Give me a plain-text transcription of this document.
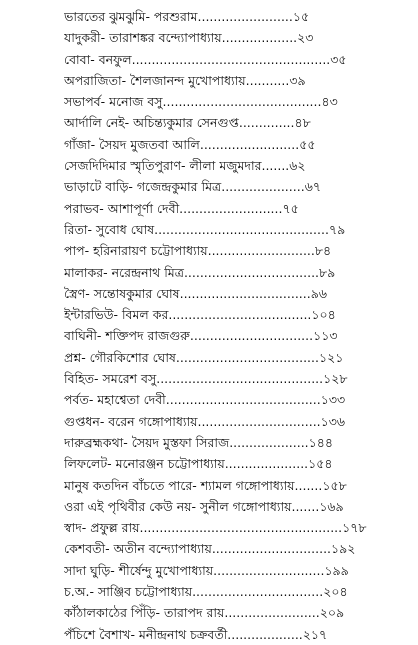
ভারতের ঝুমঝুমি- পরশুরাম........................১৫
যাদুকরী- তারাশঙ্কর বন্দ্যোপাধ্যায়...................২৩
বোবা- বনফুল..................................................৩৫
অপরাজিতা- শৈলজানন্দ মুখোপাধ্যায়...........৩৯
সভাপর্ব- মনোজ বসু........................................৪৩
আর্দালি নেই- অচিন্ত্যকুমার সেনগুপ্ত..............৪৮
গাঁজা- সৈয়দ মুজতবা আলি.........................৫৫
সেজদিদিমার স্মৃতিপুরাণ- লীলা মজুমদার.......৬২
ভাড়াটে বাড়ি- গজেন্দ্রকুমার মিত্র.....................৬৭
পরাভব- আশাপূর্ণা দেবী..........................৭৫
রিতা- সুবোধ ঘোষ............................................৭৯
পাপ- হরিনারায়ণ চট্টোপাধ্যায়...........................৮৪
মালাকর- নরেন্দ্রনাথ মিত্র..................................৮৯
স্ত্রৈণ- সন্তোষকুমার ঘোষ.................................৯৬
ইন্টারভিউ- বিমল কর....................................১০৪
বাঘিনী- শক্তিপদ রাজগুরু...............................১১৩
প্রশ্ন- গৌরকিশোর ঘোষ....................................১২১
বিহিত- সমরেশ বসু..........................................১২৮
পর্বত- মহাশ্বেতা দেবী.......................................১৩৩
গুপ্তধন- বরেন গঙ্গোপাধ্যায়...............................১৩৬
দারুব্রহ্মকথা- সৈয়দ মুস্তফা সিরাজ....................১৪৪
লিফলেট- মনোরঞ্জন চট্টোপাধ্যায়.....................১৫৪
মানুষ কতদিন বাঁচতে পারে- শ্যামল গঙ্গোপাধ্যায়.......১৫৮
ওরা এই পৃথিবীর কেউ নয়- সুনীল গঙ্গোপাধ্যায়.......১৬৯
স্বাদ- প্রফুল্ল রায়...................................................১৭৮
কেশবতী- অতীন বন্দ্যোপাধ্যায়..............................১৯২
সাদা ঘুড়ি- শীর্ষেন্দু মুখোপাধ্যায়............................১৯৯
চ.অ.- সাঞ্জিব চট্টোপাধ্যায়.................................২০৪
কাঁঠালকাঠের পিঁড়ি- তারাপদ রায়........................২০৯
পঁচিশে বৈশাখ- মনীন্দ্রনাথ চক্রবর্তী...................২১৭
